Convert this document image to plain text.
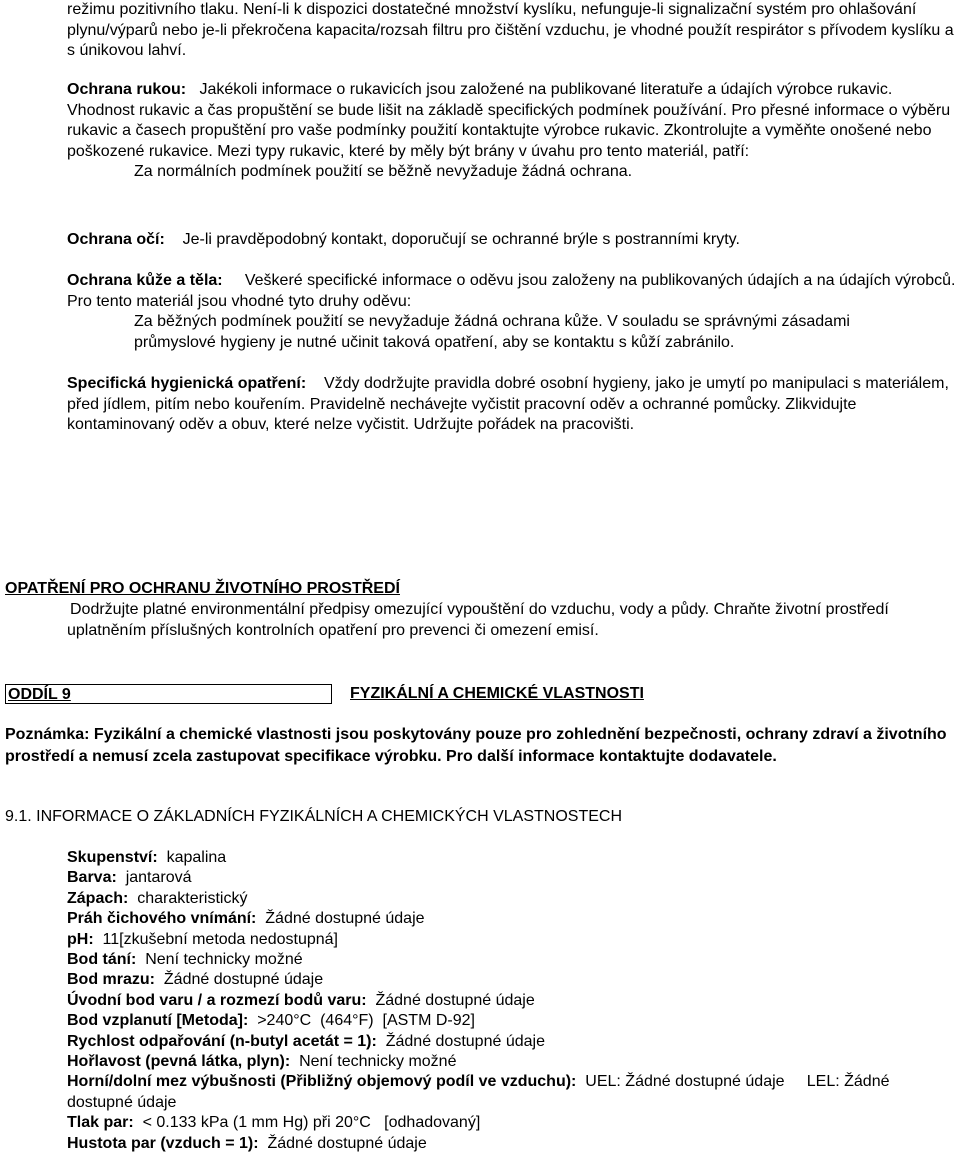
režimu pozitivního tlaku. Není-li k dispozici dostatečné množství kyslíku, nefunguje-li signalizační systém pro ohlašování plynu/výparů nebo je-li překročena kapacita/rozsah filtru pro čištění vzduchu, je vhodné použít respirátor s přívodem kyslíku a s únikovou lahví.

Ochrana rukou: Jakékoli informace o rukavicích jsou založené na publikované literatuře a údajích výrobce rukavic. Vhodnost rukavic a čas propuštění se bude lišit na základě specifických podmínek používání. Pro přesné informace o výběru rukavic a časech propuštění pro vaše podmínky použití kontaktujte výrobce rukavic. Zkontrolujte a vyměňte onošené nebo poškozené rukavice. Mezi typy rukavic, které by měly být brány v úvahu pro tento materiál, patří:
Za normálních podmínek použití se běžně nevyžaduje žádná ochrana.

Ochrana očí: Je-li pravděpodobný kontakt, doporučují se ochranné brýle s postranními kryty.

Ochrana kůže a těla: Veškeré specifické informace o oděvu jsou založeny na publikovaných údajích a na údajích výrobců. Pro tento materiál jsou vhodné tyto druhy oděvu:

Za běžných podmínek použití se nevyžaduje žádná ochrana kůže. V souladu se správnými zásadami průmyslové hygieny je nutné učinit taková opatření, aby se kontaktu s kůží zabránilo.

Specifická hygienická opatření: Vždy dodržujte pravidla dobré osobní hygieny, jako je umytí po manipulaci s materiálem, před jídlem, pitím nebo kouřením. Pravidelně nechávejte vyčistit pracovní oděv a ochranné pomůcky. Zlikvidujte kontaminovaný oděv a obuv, které nelze vyčistit. Udržujte pořádek na pracovišti.

OPATŘENÍ PRO OCHRANU ŽIVOTNÍHO PROSTŘEDÍ

Dodržujte platné environmentální předpisy omezující vypouštění do vzduchu, vody a půdy. Chraňte životní prostředí uplatněním příslušných kontrolních opatření pro prevenci či omezení emisí.

ODDÍL 9	FYZIKÁLNÍ A CHEMICKÉ VLASTNOSTI
Poznámka: Fyzikální a chemické vlastnosti jsou poskytovány pouze pro zohlednění bezpečnosti, ochrany zdraví a životního prostředí a nemusí zcela zastupovat specifikace výrobku. Pro další informace kontaktujte dodavatele.
9.1. INFORMACE O ZÁKLADNÍCH FYZIKÁLNÍCH A CHEMICKÝCH VLASTNOSTECH
Skupenství:  kapalina
Barva:  jantarová
Zápach:  charakteristický
Práh čichového vnímání:  Žádné dostupné údaje
pH:  11[zkušební metoda nedostupná]
Bod tání:  Není technicky možné
Bod mrazu:  Žádné dostupné údaje
Úvodní bod varu / a rozmezí bodů varu:  Žádné dostupné údaje
Bod vzplanutí [Metoda]:  >240°C  (464°F)  [ASTM D-92]
Rychlost odpařování (n-butyl acetát = 1):  Žádné dostupné údaje
Hořlavost (pevná látka, plyn):  Není technicky možné
Horní/dolní mez výbušnosti (Přibližný objemový podíl ve vzduchu):  UEL: Žádné dostupné údaje     LEL: Žádné dostupné údaje
Tlak par:  < 0.133 kPa (1 mm Hg) při 20°C   [odhadovaný]
Hustota par (vzduch = 1):  Žádné dostupné údaje
